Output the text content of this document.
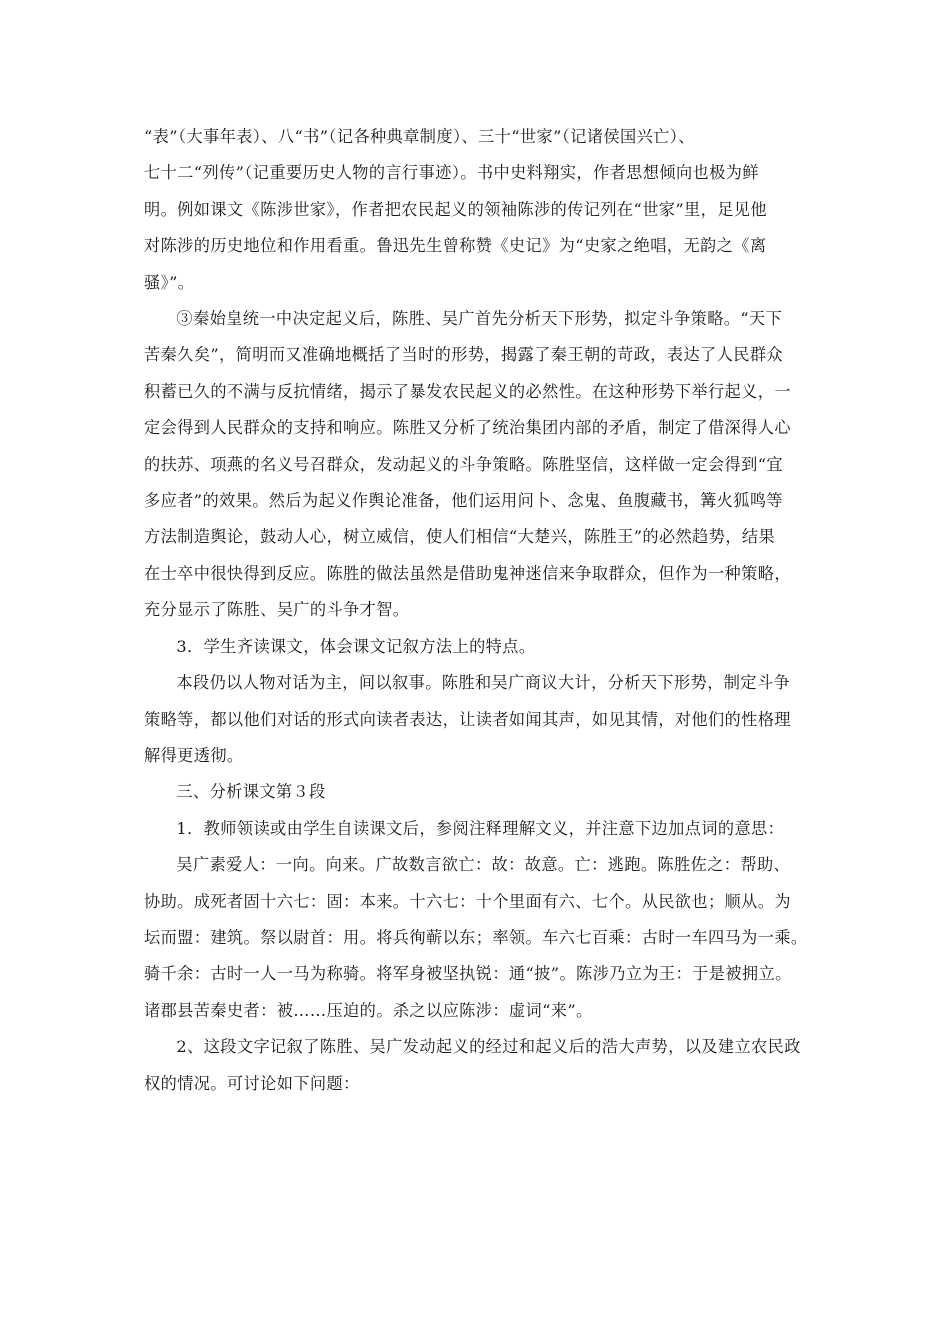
“表”（大事年表）、八“书”（记各种典章制度）、三十“世家”（记诸侯国兴亡）、
七十二“列传”（记重要历史人物的言行事迹）。书中史料翔实，作者思想倾向也极为鲜
明。例如课文《陈涉世家》，作者把农民起义的领袖陈涉的传记列在“世家”里，足见他
对陈涉的历史地位和作用看重。鲁迅先生曾称赞《史记》为“史家之绝唱，无韵之《离
骚》”。

③秦始皇统一中决定起义后，陈胜、吴广首先分析天下形势，拟定斗争策略。“天下
苦秦久矣”，简明而又准确地概括了当时的形势，揭露了秦王朝的苛政，表达了人民群众
积蓄已久的不满与反抗情绪，揭示了暴发农民起义的必然性。在这种形势下举行起义，一
定会得到人民群众的支持和响应。陈胜又分析了统治集团内部的矛盾，制定了借深得人心
的扶苏、项燕的名义号召群众，发动起义的斗争策略。陈胜坚信，这样做一定会得到“宜
多应者”的效果。然后为起义作舆论准备，他们运用问卜、念鬼、鱼腹藏书，篝火狐鸣等
方法制造舆论，鼓动人心，树立威信，使人们相信“大楚兴，陈胜王”的必然趋势，结果
在士卒中很快得到反应。陈胜的做法虽然是借助鬼神迷信来争取群众，但作为一种策略，
充分显示了陈胜、吴广的斗争才智。

3．学生齐读课文，体会课文记叙方法上的特点。

本段仍以人物对话为主，间以叙事。陈胜和吴广商议大计，分析天下形势，制定斗争
策略等，都以他们对话的形式向读者表达，让读者如闻其声，如见其情，对他们的性格理
解得更透彻。

三、分析课文第３段

1．教师领读或由学生自读课文后，参阅注释理解文义，并注意下边加点词的意思：

吴广素爱人：一向。向来。广故数言欲亡：故：故意。亡：逃跑。陈胜佐之：帮助、
协助。成死者固十六七：固：本来。十六七：十个里面有六、七个。从民欲也；顺从。为
坛而盟：建筑。祭以尉首：用。将兵徇蕲以东；率领。车六七百乘：古时一车四马为一乘。
骑千余：古时一人一马为称骑。将军身被坚执锐：通“披”。陈涉乃立为王：于是被拥立。
诸郡县苦秦史者：被……压迫的。杀之以应陈涉：虚词“来”。

2、这段文字记叙了陈胜、吴广发动起义的经过和起义后的浩大声势，以及建立农民政
权的情况。可讨论如下问题：
